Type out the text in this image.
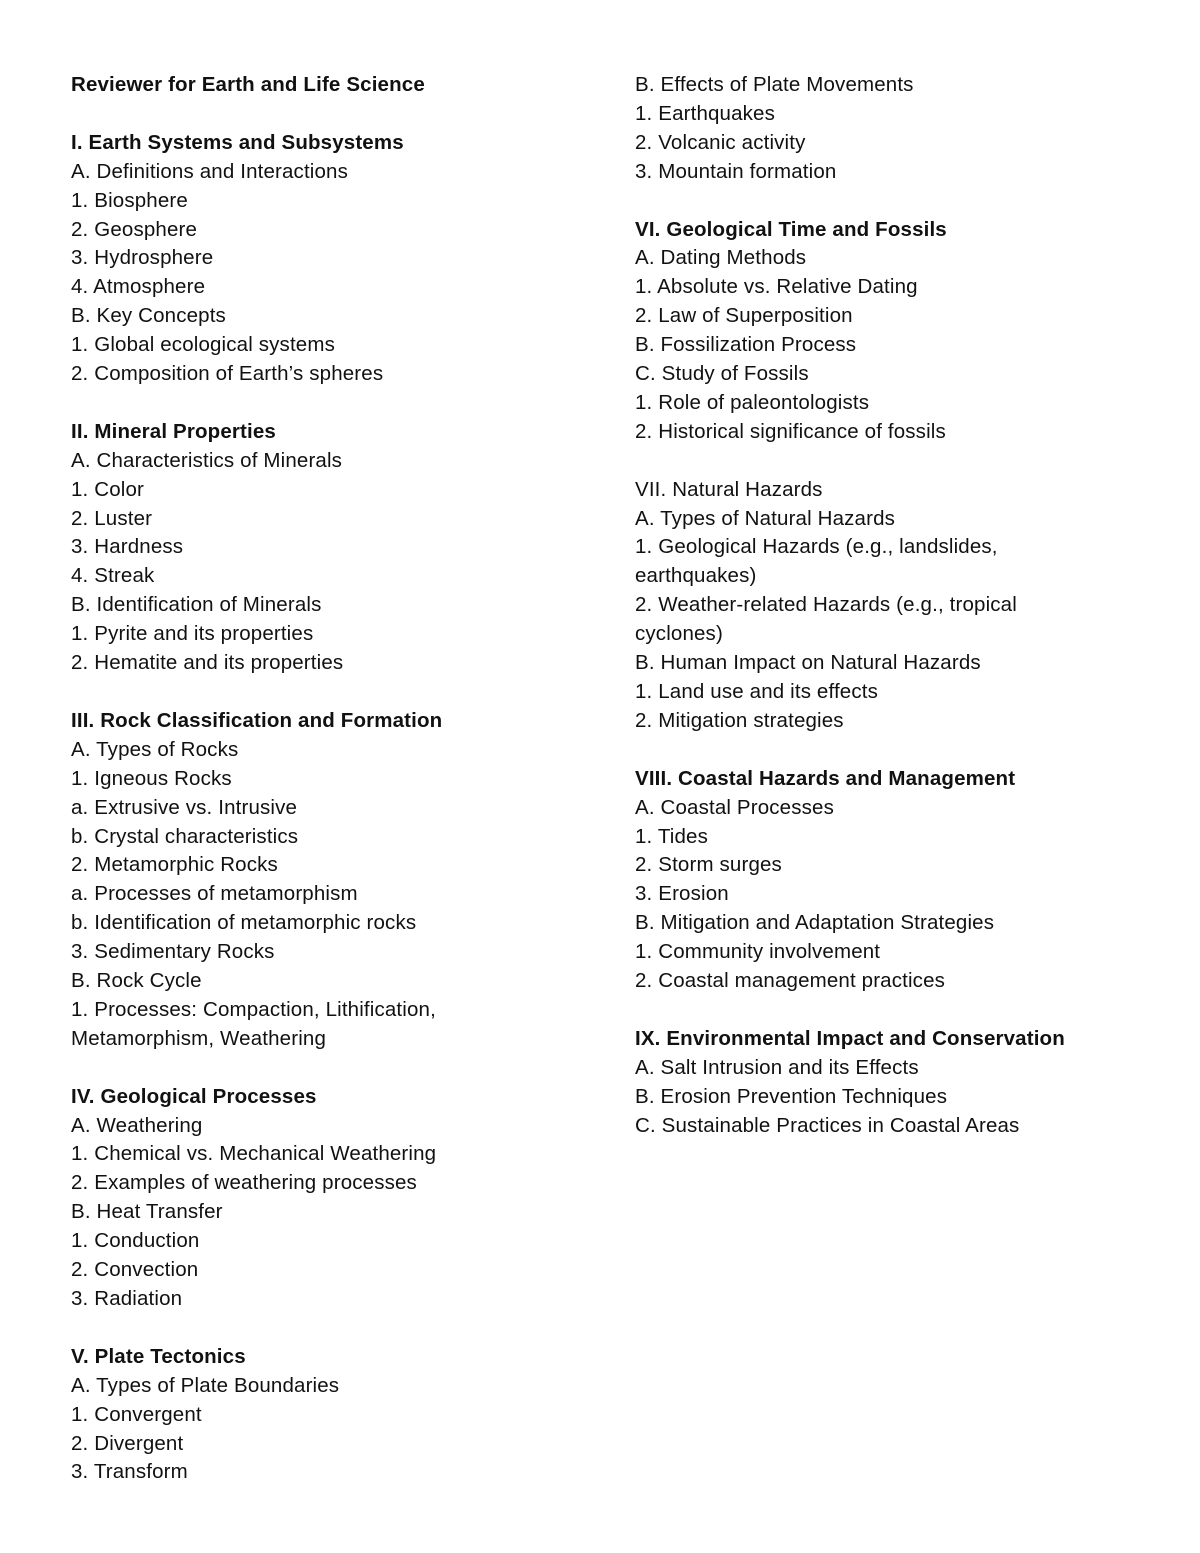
Reviewer for Earth and Life Science
I. Earth Systems and Subsystems
A. Definitions and Interactions
1. Biosphere
2. Geosphere
3. Hydrosphere
4. Atmosphere
B. Key Concepts
1. Global ecological systems
2. Composition of Earth’s spheres
II. Mineral Properties
A. Characteristics of Minerals
1. Color
2. Luster
3. Hardness
4. Streak
B. Identification of Minerals
1. Pyrite and its properties
2. Hematite and its properties
III. Rock Classification and Formation
A. Types of Rocks
1. Igneous Rocks
a. Extrusive vs. Intrusive
b. Crystal characteristics
2. Metamorphic Rocks
a. Processes of metamorphism
b. Identification of metamorphic rocks
3. Sedimentary Rocks
B. Rock Cycle
1. Processes: Compaction, Lithification,
Metamorphism, Weathering
IV. Geological Processes
A. Weathering
1. Chemical vs. Mechanical Weathering
2. Examples of weathering processes
B. Heat Transfer
1. Conduction
2. Convection
3. Radiation
V. Plate Tectonics
A. Types of Plate Boundaries
1. Convergent
2. Divergent
3. Transform
B. Effects of Plate Movements
1. Earthquakes
2. Volcanic activity
3. Mountain formation
VI. Geological Time and Fossils
A. Dating Methods
1. Absolute vs. Relative Dating
2. Law of Superposition
B. Fossilization Process
C. Study of Fossils
1. Role of paleontologists
2. Historical significance of fossils
VII. Natural Hazards
A. Types of Natural Hazards
1. Geological Hazards (e.g., landslides,
earthquakes)
2. Weather-related Hazards (e.g., tropical
cyclones)
B. Human Impact on Natural Hazards
1. Land use and its effects
2. Mitigation strategies
VIII. Coastal Hazards and Management
A. Coastal Processes
1. Tides
2. Storm surges
3. Erosion
B. Mitigation and Adaptation Strategies
1. Community involvement
2. Coastal management practices
IX. Environmental Impact and Conservation
A. Salt Intrusion and its Effects
B. Erosion Prevention Techniques
C. Sustainable Practices in Coastal Areas
